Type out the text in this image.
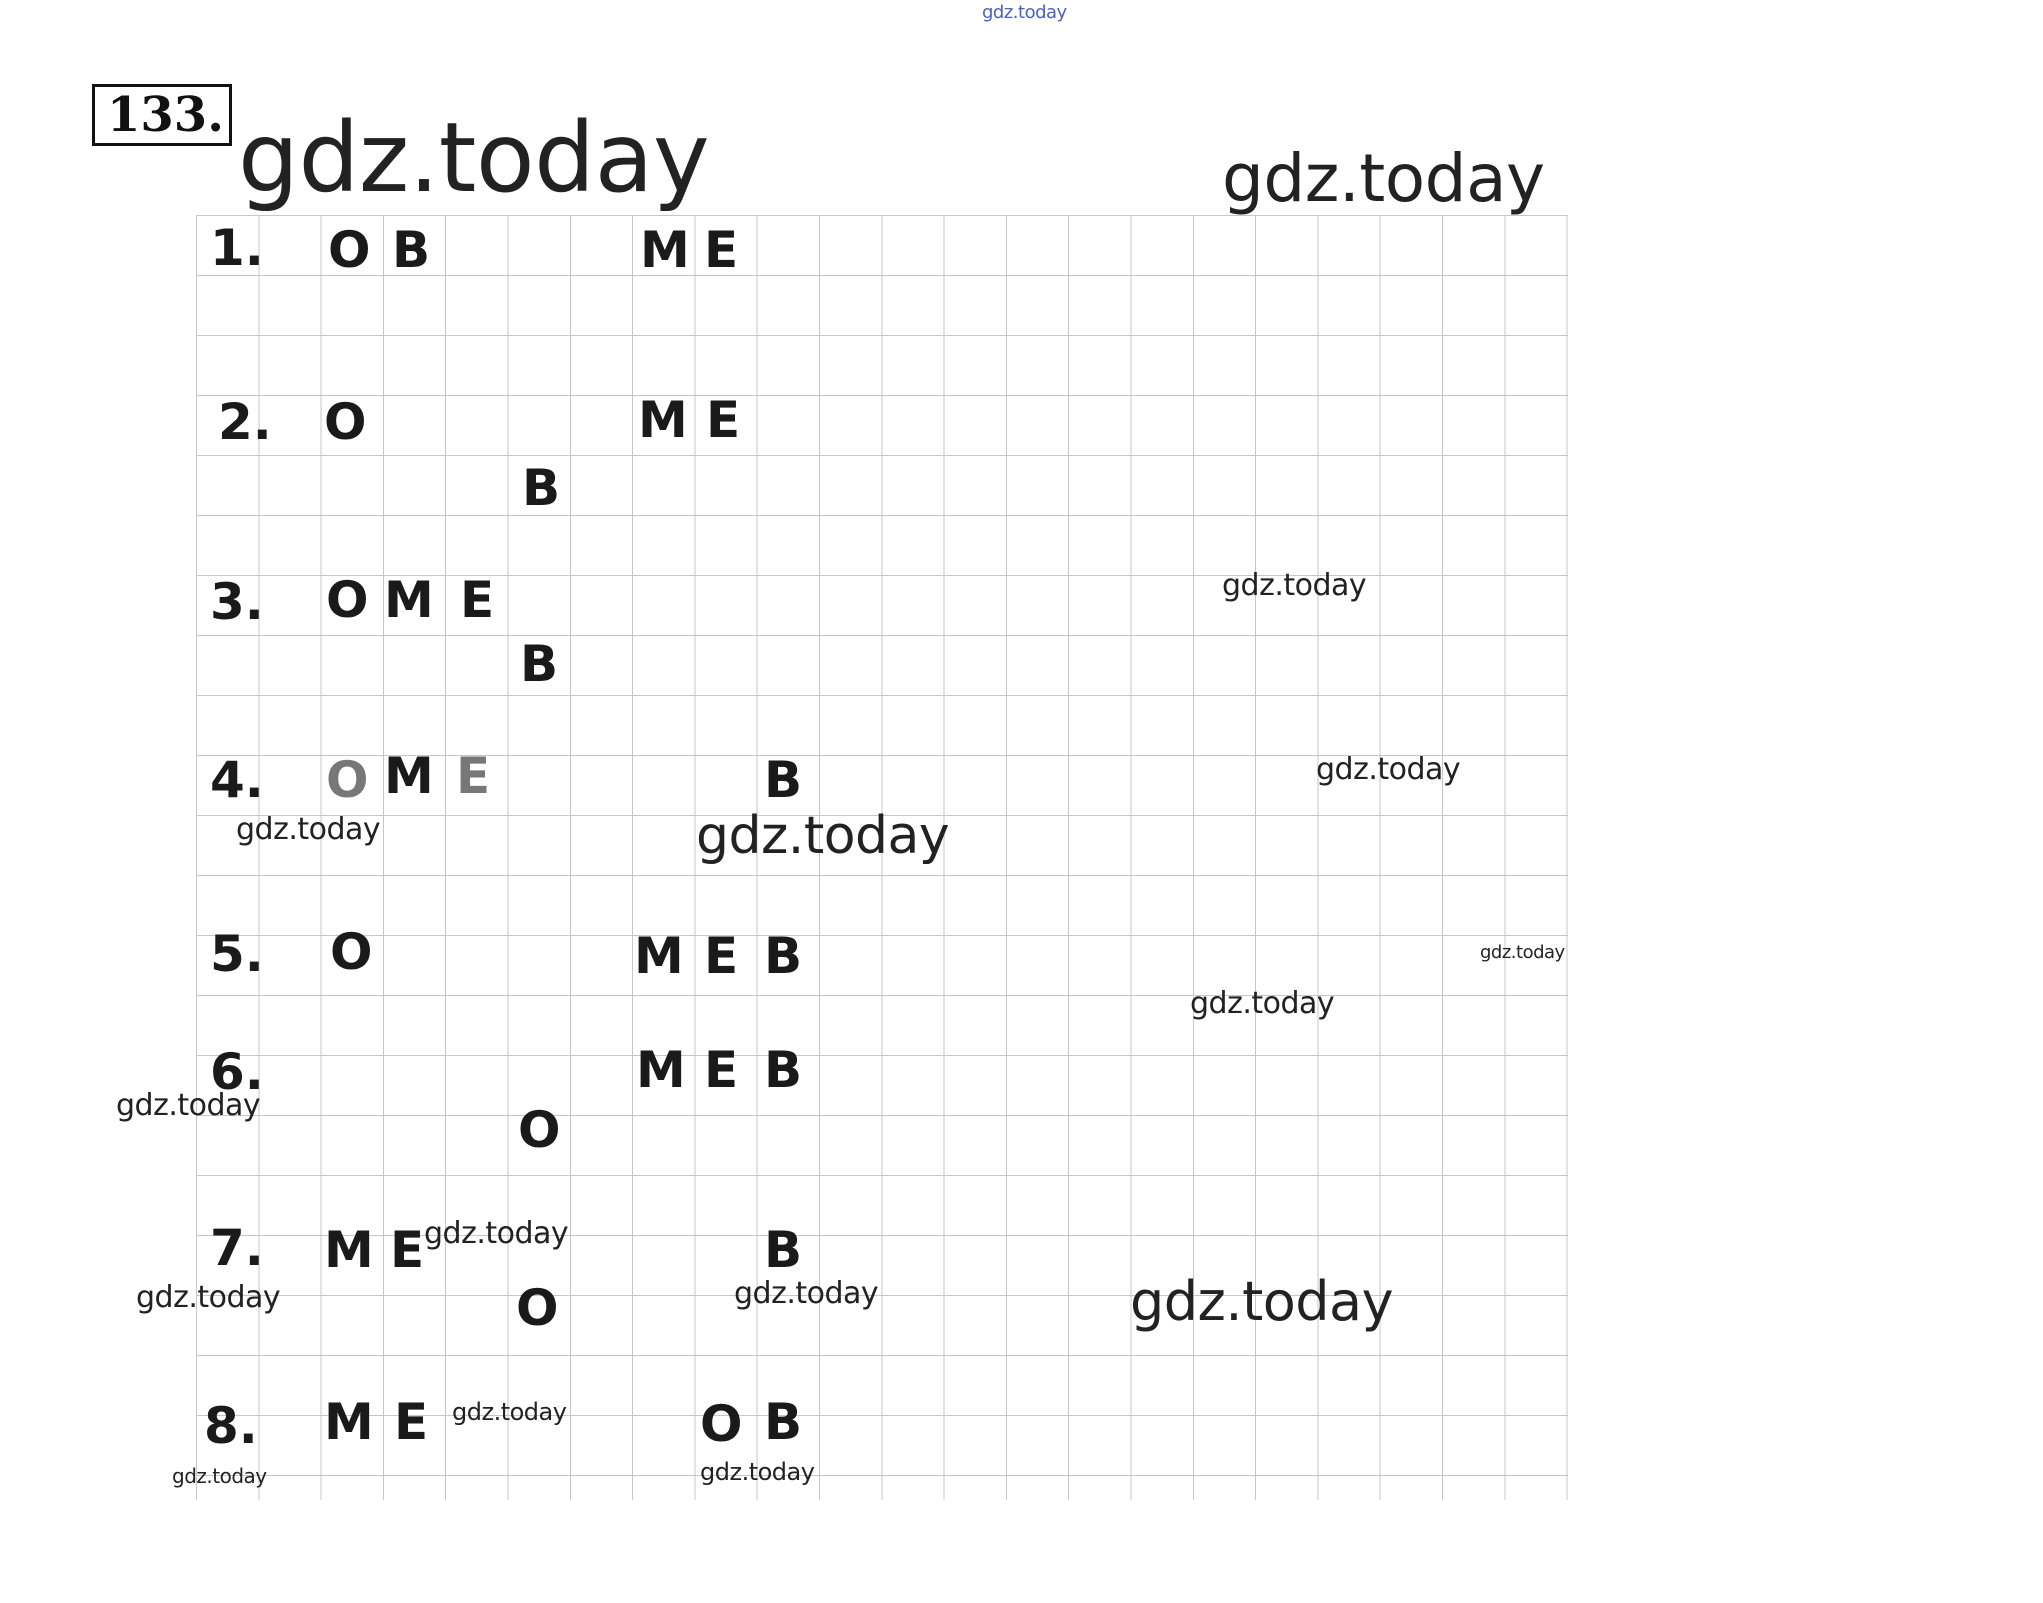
133.
gdz.today
gdz.today	gdz.today
gdz.today
gdz.today
gdz.today	gdz.today
gdz.today
gdz.today
gdz.today
gdz.today
gdz.today	gdz.today	gdz.today
gdz.today
gdz.today	gdz.today
1. O B	M E
2. O	M E
B
3. O M E
B
4. O M E	B
5. O	M E B
6.	M E B
O
7. M E	B
O
8. M E	O B
